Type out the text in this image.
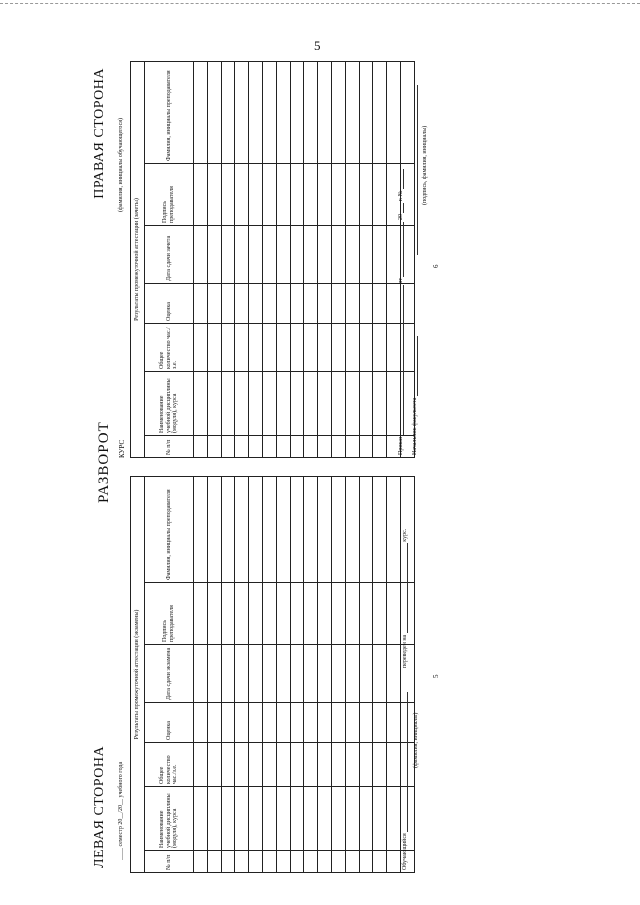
5
РАЗВОРОТ
ЛЕВАЯ СТОРОНА ____ семестр 20__/20__ учебного года
Результаты промежуточной аттестации (экзамены)						
№ п/п	Наименование учебной дисциплины (модуля), курса	Общее количество час./з.е.	Оценка	Дата сдачи экзамена	Подпись преподавателя	Фамилия, инициалы преподавателя

Обучающийся
(фамилия, инициалы)
переведен на  курс.
5
ПРАВАЯ СТОРОНА
КУРС
(фамилия, инициалы обучающегося)
Результаты промежуточной аттестации (зачеты)						
№ п/п	Наименование учебной дисциплины (модуля), курса	Общее количество час./з.е.	Оценка	Дата сдачи зачета	Подпись преподавателя	Фамилия, инициалы преподавателя

Приказ  от  20  г. №
Начальник факультета
(подпись, фамилия, инициалы)
6
